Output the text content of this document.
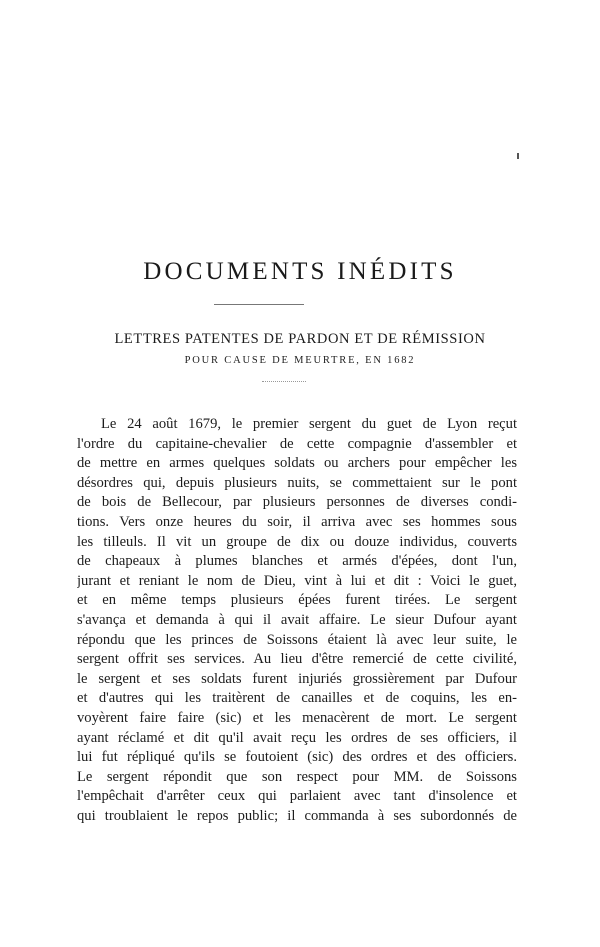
DOCUMENTS INÉDITS
LETTRES PATENTES DE PARDON ET DE RÉMISSION
POUR CAUSE DE MEURTRE, EN 1682
Le 24 août 1679, le premier sergent du guet de Lyon reçut
l'ordre du capitaine-chevalier de cette compagnie d'assembler et
de mettre en armes quelques soldats ou archers pour empêcher les
désordres qui, depuis plusieurs nuits, se commettaient sur le pont
de bois de Bellecour, par plusieurs personnes de diverses condi-
tions. Vers onze heures du soir, il arriva avec ses hommes sous
les tilleuls. Il vit un groupe de dix ou douze individus, couverts
de chapeaux à plumes blanches et armés d'épées, dont l'un,
jurant et reniant le nom de Dieu, vint à lui et dit : Voici le guet,
et en même temps plusieurs épées furent tirées. Le sergent
s'avança et demanda à qui il avait affaire. Le sieur Dufour ayant
répondu que les princes de Soissons étaient là avec leur suite, le
sergent offrit ses services. Au lieu d'être remercié de cette civilité,
le sergent et ses soldats furent injuriés grossièrement par Dufour
et d'autres qui les traitèrent de canailles et de coquins, les en-
voyèrent faire faire (sic) et les menacèrent de mort. Le sergent
ayant réclamé et dit qu'il avait reçu les ordres de ses officiers, il
lui fut répliqué qu'ils se foutoient (sic) des ordres et des officiers.
Le sergent répondit que son respect pour MM. de Soissons
l'empêchait d'arrêter ceux qui parlaient avec tant d'insolence et
qui troublaient le repos public; il commanda à ses subordonnés de
